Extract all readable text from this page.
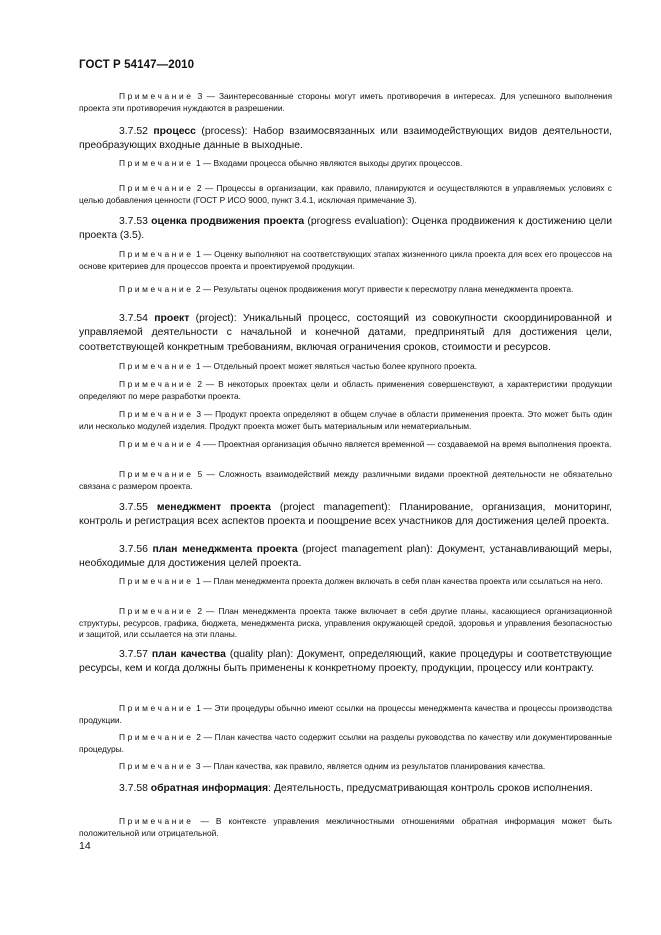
ГОСТ Р 54147—2010

Примечание 3 — Заинтересованные стороны могут иметь противоречия в интересах. Для успешного выполнения проекта эти противоречия нуждаются в разрешении.

3.7.52 процесс (process): Набор взаимосвязанных или взаимодействующих видов деятельности, преобразующих входные данные в выходные.

Примечание 1 — Входами процесса обычно являются выходы других процессов.

Примечание 2 — Процессы в организации, как правило, планируются и осуществляются в управляемых условиях с целью добавления ценности (ГОСТ Р ИСО 9000, пункт 3.4.1, исключая примечание 3).

3.7.53 оценка продвижения проекта (progress evaluation): Оценка продвижения к достижению цели проекта (3.5).

Примечание 1 — Оценку выполняют на соответствующих этапах жизненного цикла проекта для всех его процессов на основе критериев для процессов проекта и проектируемой продукции.

Примечание 2 — Результаты оценок продвижения могут привести к пересмотру плана менеджмента проекта.

3.7.54 проект (project): Уникальный процесс, состоящий из совокупности скоординированной и управляемой деятельности с начальной и конечной датами, предпринятый для достижения цели, соответствующей конкретным требованиям, включая ограничения сроков, стоимости и ресурсов.

Примечание 1 — Отдельный проект может являться частью более крупного проекта.

Примечание 2 — В некоторых проектах цели и область применения совершенствуют, а характеристики продукции определяют по мере разработки проекта.

Примечание 3 — Продукт проекта определяют в общем случае в области применения проекта. Это может быть один или несколько модулей изделия. Продукт проекта может быть материальным или нематериальным.

Примечание 4 —– Проектная организация обычно является временной — создаваемой на время выполнения проекта.

Примечание 5 — Сложность взаимодействий между различными видами проектной деятельности не обязательно связана с размером проекта.

3.7.55 менеджмент проекта (project management): Планирование, организация, мониторинг, контроль и регистрация всех аспектов проекта и поощрение всех участников для достижения целей проекта.

3.7.56 план менеджмента проекта (project management plan): Документ, устанавливающий меры, необходимые для достижения целей проекта.

Примечание 1 — План менеджмента проекта должен включать в себя план качества проекта или ссылаться на него.

Примечание 2 — План менеджмента проекта также включает в себя другие планы, касающиеся организационной структуры, ресурсов, графика, бюджета, менеджмента риска, управления окружающей средой, здоровья и управления безопасностью и защитой, или ссылается на эти планы.

3.7.57 план качества (quality plan): Документ, определяющий, какие процедуры и соответствующие ресурсы, кем и когда должны быть применены к конкретному проекту, продукции, процессу или контракту.

Примечание 1 — Эти процедуры обычно имеют ссылки на процессы менеджмента качества и процессы производства продукции.

Примечание 2 — План качества часто содержит ссылки на разделы руководства по качеству или документированные процедуры.

Примечание 3 — План качества, как правило, является одним из результатов планирования качества.

3.7.58 обратная информация: Деятельность, предусматривающая контроль сроков исполнения.

Примечание — В контексте управления межличностными отношениями обратная информация может быть положительной или отрицательной.

14
